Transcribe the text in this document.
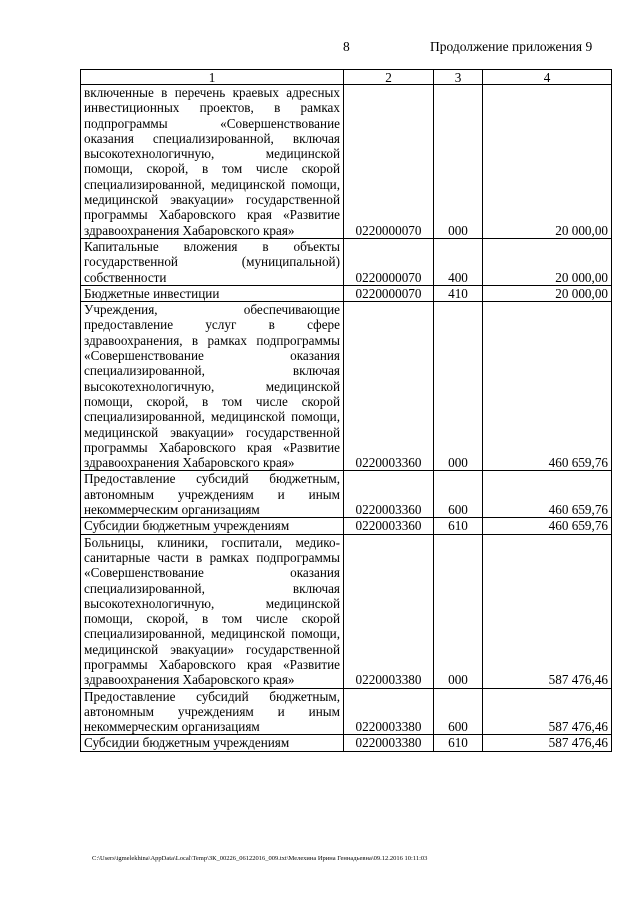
8	Продолжение приложения 9
1	2	3	4
включенные в перечень краевых адресных инвестиционных проектов, в рамках подпрограммы «Совершенствование оказания специализированной, включая высокотехнологичную, медицинской помощи, скорой, в том числе скорой специализированной, медицинской помощи, медицинской эвакуации» государственной программы Хабаровского края «Развитие здравоохранения Хабаровского края»	0220000070	000	20 000,00
Капитальные вложения в объекты государственной (муниципальной) собственности	0220000070	400	20 000,00
Бюджетные инвестиции	0220000070	410	20 000,00
Учреждения, обеспечивающие предоставление услуг в сфере здравоохранения, в рамках подпрограммы «Совершенствование оказания специализированной, включая высокотехнологичную, медицинской помощи, скорой, в том числе скорой специализированной, медицинской помощи, медицинской эвакуации» государственной программы Хабаровского края «Развитие здравоохранения Хабаровского края»	0220003360	000	460 659,76
Предоставление субсидий бюджетным, автономным учреждениям и иным некоммерческим организациям	0220003360	600	460 659,76
Субсидии бюджетным учреждениям	0220003360	610	460 659,76
Больницы, клиники, госпитали, медико-санитарные части в рамках подпрограммы «Совершенствование оказания специализированной, включая высокотехнологичную, медицинской помощи, скорой, в том числе скорой специализированной, медицинской помощи, медицинской эвакуации» государственной программы Хабаровского края «Развитие здравоохранения Хабаровского края»	0220003380	000	587 476,46
Предоставление субсидий бюджетным, автономным учреждениям и иным некоммерческим организациям	0220003380	600	587 476,46
Субсидии бюджетным учреждениям	0220003380	610	587 476,46
C:\Users\igmelekhina\AppData\Local\Temp\ЗК_00226_06122016_009.txt\Мелехина Ирина Геннадьевна\09.12.2016 10:11:03
